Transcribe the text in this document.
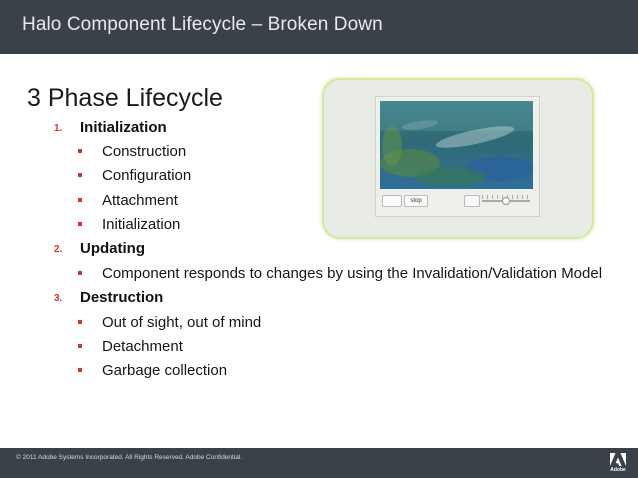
Halo Component Lifecycle – Broken Down
3 Phase Lifecycle
1. Initialization
Construction
Configuration
Attachment
Initialization
2. Updating
Component responds to changes by using the Invalidation/Validation Model
3. Destruction
Out of sight, out of mind
Detachment
Garbage collection
stop
© 2011 Adobe Systems Incorporated. All Rights Reserved. Adobe Confidential.
Adobe
